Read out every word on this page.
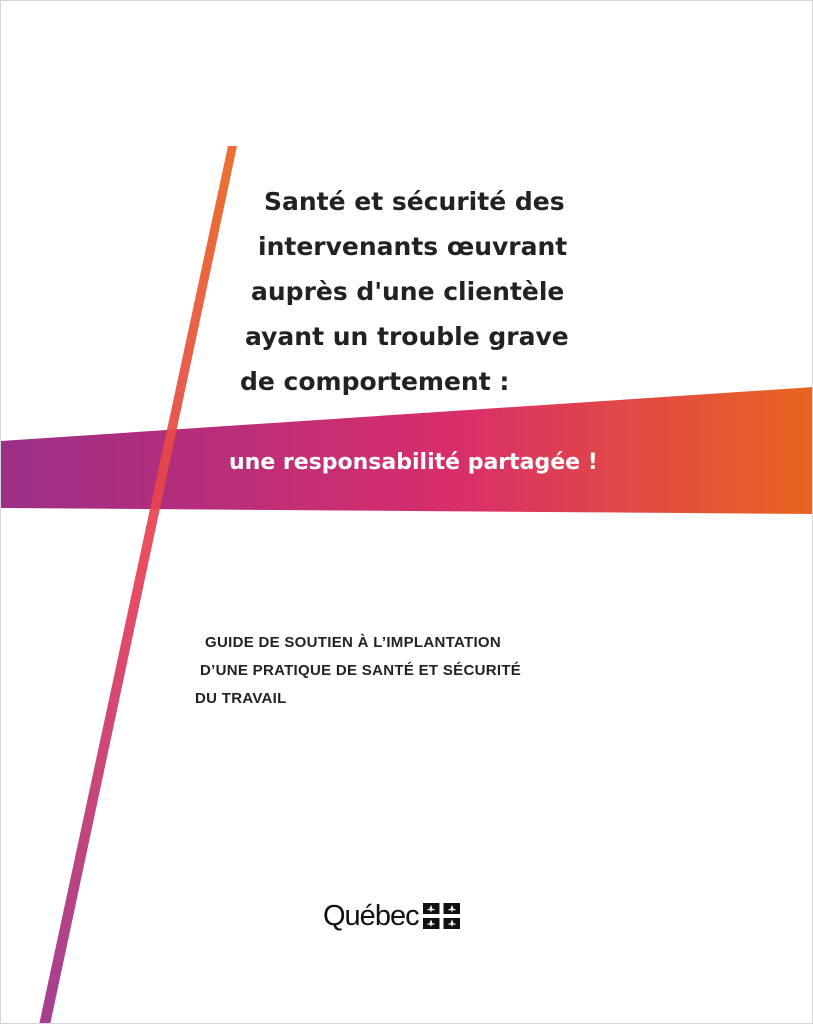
Santé et sécurité des
intervenants œuvrant
auprès d'une clientèle
ayant un trouble grave
de comportement :

une responsabilité partagée !

GUIDE DE SOUTIEN À L’IMPLANTATION
D’UNE PRATIQUE DE SANTÉ ET SÉCURITÉ
DU TRAVAIL

Québec
